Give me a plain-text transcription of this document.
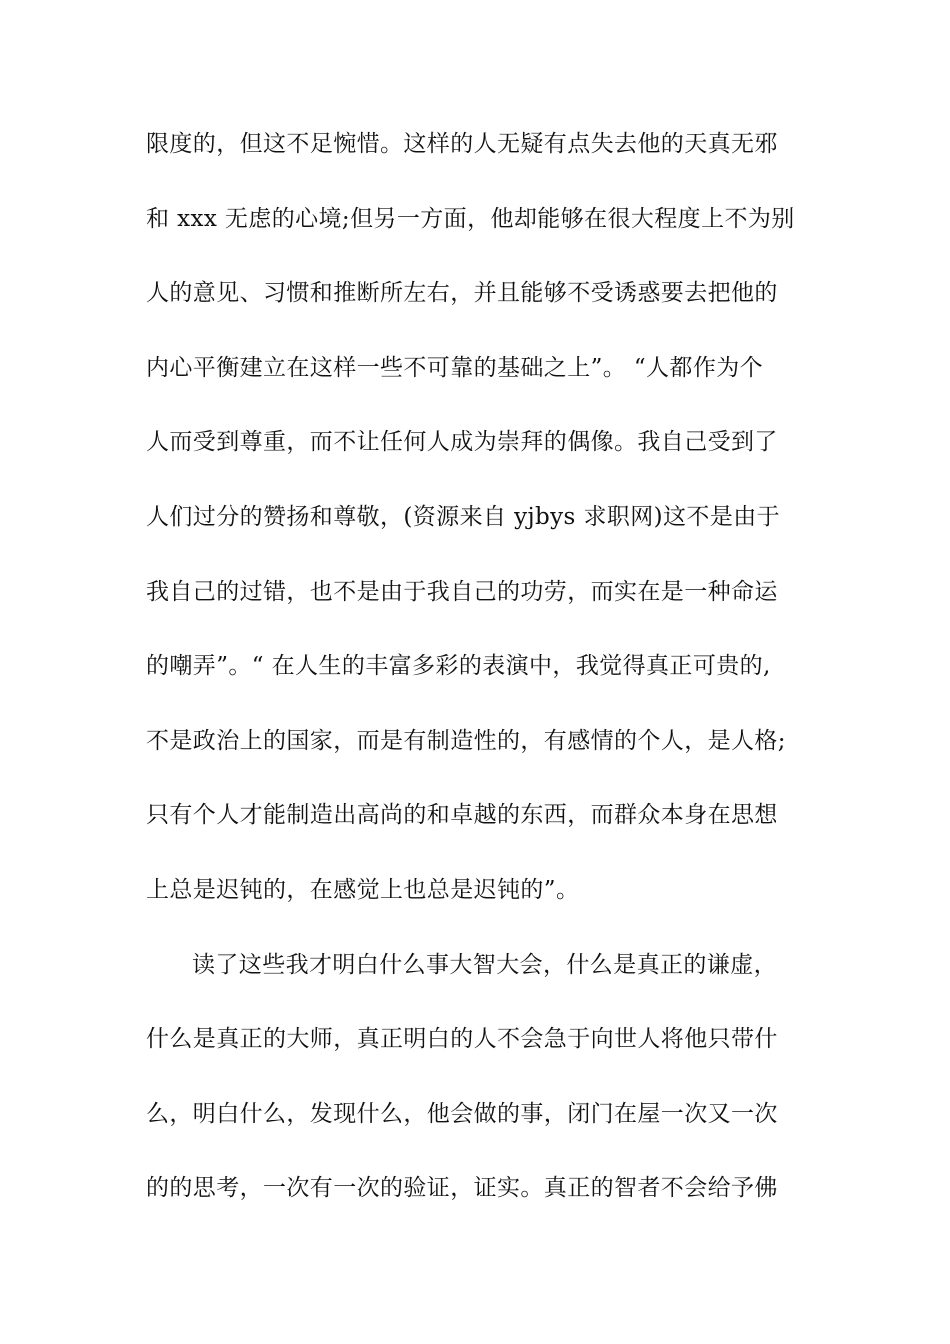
限度的，但这不足惋惜。这样的人无疑有点失去他的天真无邪
和 xxx 无虑的心境;但另一方面，他却能够在很大程度上不为别
人的意见、习惯和推断所左右，并且能够不受诱惑要去把他的
内心平衡建立在这样一些不可靠的基础之上”。 “人都作为个
人而受到尊重，而不让任何人成为崇拜的偶像。我自己受到了
人们过分的赞扬和尊敬，(资源来自 yjbys 求职网)这不是由于
我自己的过错，也不是由于我自己的功劳，而实在是一种命运
的嘲弄”。“ 在人生的丰富多彩的表演中，我觉得真正可贵的,
不是政治上的国家，而是有制造性的，有感情的个人，是人格;
只有个人才能制造出高尚的和卓越的东西，而群众本身在思想
上总是迟钝的，在感觉上也总是迟钝的”。
读了这些我才明白什么事大智大会，什么是真正的谦虚，
什么是真正的大师，真正明白的人不会急于向世人将他只带什
么，明白什么，发现什么，他会做的事，闭门在屋一次又一次
的的思考，一次有一次的验证，证实。真正的智者不会给予佛
